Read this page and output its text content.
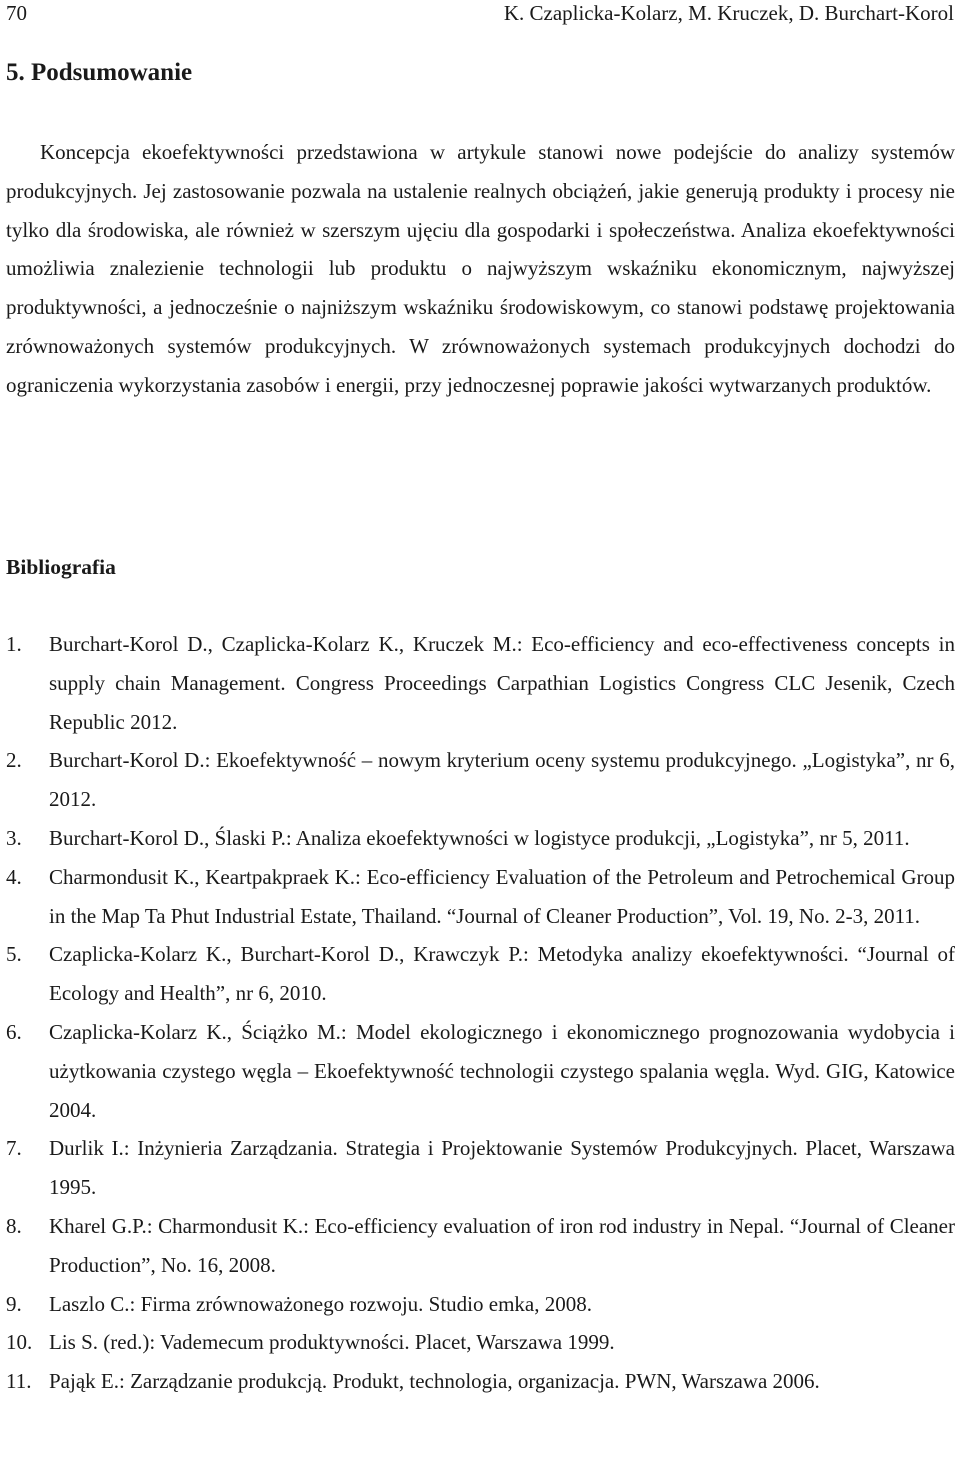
70	K. Czaplicka-Kolarz, M. Kruczek, D. Burchart-Korol
5. Podsumowanie

Koncepcja ekoefektywności przedstawiona w artykule stanowi nowe podejście do analizy systemów produkcyjnych. Jej zastosowanie pozwala na ustalenie realnych obciążeń, jakie generują produkty i procesy nie tylko dla środowiska, ale również w szerszym ujęciu dla gospodarki i społeczeństwa. Analiza ekoefektywności umożliwia znalezienie technologii lub produktu o najwyższym wskaźniku ekonomicznym, najwyższej produktywności, a jednocześnie o najniższym wskaźniku środowiskowym, co stanowi podstawę projektowania zrównoważonych systemów produkcyjnych. W zrównoważonych systemach produkcyjnych dochodzi do ograniczenia wykorzystania zasobów i energii, przy jednoczesnej poprawie jakości wytwarzanych produktów.

Bibliografia
1. Burchart-Korol D., Czaplicka-Kolarz K., Kruczek M.: Eco-efficiency and eco-effectiveness concepts in supply chain Management. Congress Proceedings Carpathian Logistics Congress CLC Jesenik, Czech Republic 2012.
2. Burchart-Korol D.: Ekoefektywność – nowym kryterium oceny systemu produkcyjnego. „Logistyka”, nr 6, 2012.
3. Burchart-Korol D., Ślaski P.: Analiza ekoefektywności w logistyce produkcji, „Logistyka”, nr 5, 2011.
4. Charmondusit K., Keartpakpraek K.: Eco-efficiency Evaluation of the Petroleum and Petrochemical Group in the Map Ta Phut Industrial Estate, Thailand. “Journal of Cleaner Production”, Vol. 19, No. 2-3, 2011.
5. Czaplicka-Kolarz K., Burchart-Korol D., Krawczyk P.: Metodyka analizy ekoefektywności. “Journal of Ecology and Health”, nr 6, 2010.
6. Czaplicka-Kolarz K., Ściążko M.: Model ekologicznego i ekonomicznego prognozowania wydobycia i użytkowania czystego węgla – Ekoefektywność technologii czystego spalania węgla. Wyd. GIG, Katowice 2004.
7. Durlik I.: Inżynieria Zarządzania. Strategia i Projektowanie Systemów Produkcyjnych. Placet, Warszawa 1995.
8. Kharel G.P.: Charmondusit K.: Eco-efficiency evaluation of iron rod industry in Nepal. “Journal of Cleaner Production”, No. 16, 2008.
9. Laszlo C.: Firma zrównoważonego rozwoju. Studio emka, 2008.
10. Lis S. (red.): Vademecum produktywności. Placet, Warszawa 1999.
11. Pająk E.: Zarządzanie produkcją. Produkt, technologia, organizacja. PWN, Warszawa 2006.
